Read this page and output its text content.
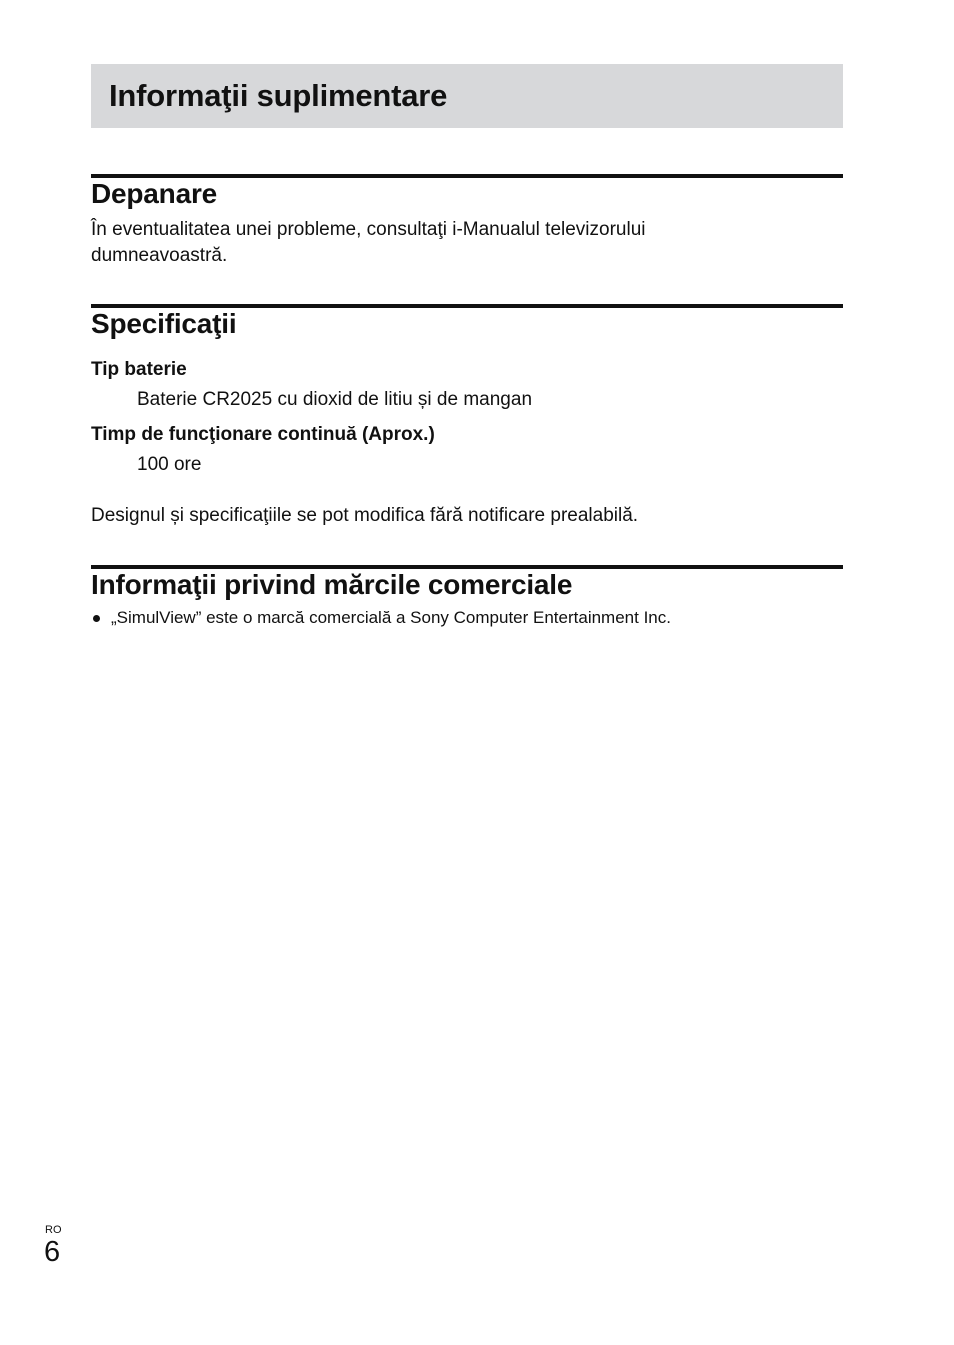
Informaţii suplimentare
Depanare

În eventualitatea unei probleme, consultaţi i-Manualul televizorului

dumneavoastră.

Specificaţii

Tip baterie

Baterie CR2025 cu dioxid de litiu și de mangan

Timp de funcţionare continuă (Aprox.)

100 ore

Designul și specificaţiile se pot modifica fără notificare prealabilă.

Informaţii privind mărcile comerciale
„SimulView” este o marcă comercială a Sony Computer Entertainment Inc.
RO
6
